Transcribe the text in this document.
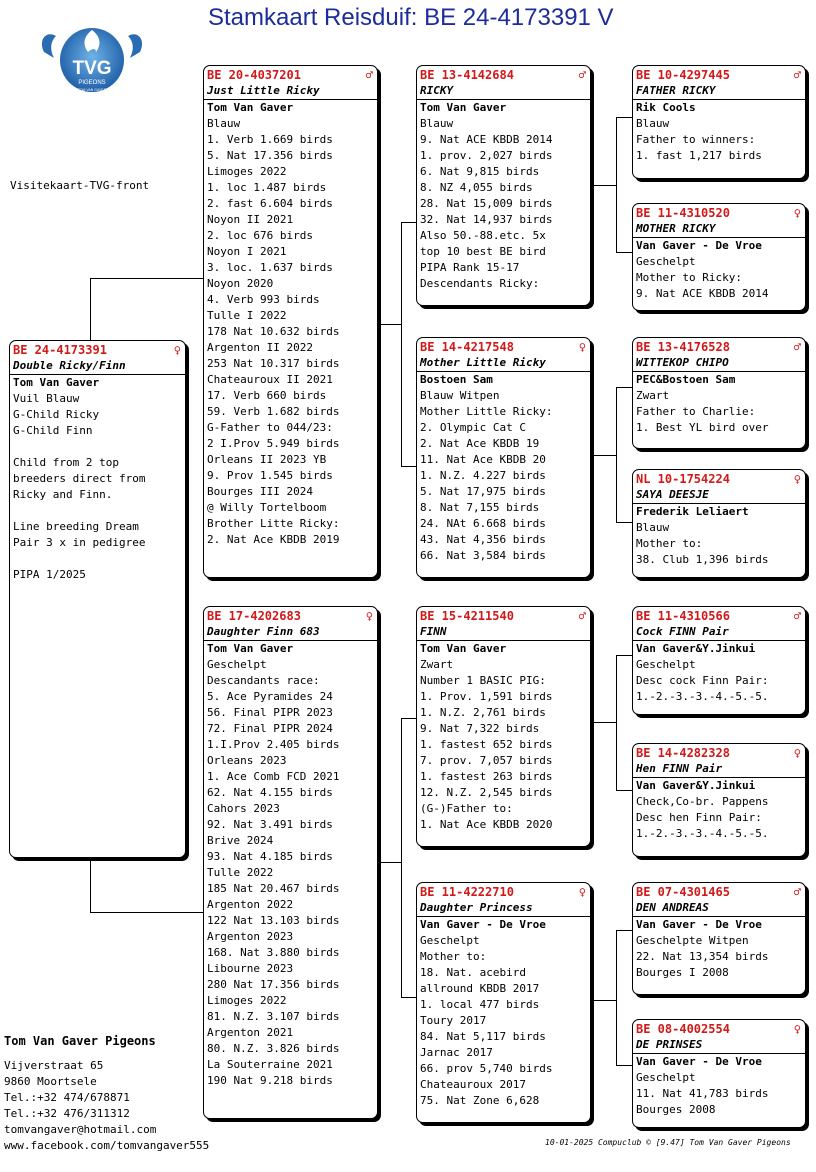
Stamkaart Reisduif: BE 24-4173391 V
TVG
PIGEONS
TOM VAN GAVER
Visitekaart-TVG-front
BE 24-4173391	♀
Double Ricky/Finn
Tom Van Gaver
Vuil Blauw
G-Child Ricky
G-Child Finn
Child from 2 top
breeders direct from
Ricky and Finn.
Line breeding Dream
Pair 3 x in pedigree
PIPA 1/2025
BE 20-4037201	♂
Just Little Ricky
Tom Van Gaver
Blauw
1. Verb 1.669 birds
5. Nat 17.356 birds
Limoges 2022
1. loc 1.487 birds
2. fast 6.604 birds
Noyon II 2021
2. loc 676 birds
Noyon I 2021
3. loc. 1.637 birds
Noyon 2020
4. Verb 993 birds
Tulle I 2022
178 Nat 10.632 birds
Argenton II 2022
253 Nat 10.317 birds
Chateauroux II 2021
17. Verb 660 birds
59. Verb 1.682 birds
G-Father to 044/23:
2 I.Prov 5.949 birds
Orleans II 2023 YB
9. Prov 1.545 birds
Bourges III 2024
@ Willy Tortelboom
Brother Litte Ricky:
2. Nat Ace KBDB 2019
BE 17-4202683	♀
Daughter Finn 683
Tom Van Gaver
Geschelpt
Descandants race:
5. Ace Pyramides 24
56. Final PIPR 2023
72. Final PIPR 2024
1.I.Prov 2.405 birds
Orleans 2023
1. Ace Comb FCD 2021
62. Nat 4.155 birds
Cahors 2023
92. Nat 3.491 birds
Brive 2024
93. Nat 4.185 birds
Tulle 2022
185 Nat 20.467 birds
Argenton 2022
122 Nat 13.103 birds
Argenton 2023
168. Nat 3.880 birds
Libourne 2023
280 Nat 17.356 birds
Limoges 2022
81. N.Z. 3.107 birds
Argenton 2021
80. N.Z. 3.826 birds
La Souterraine 2021
190 Nat 9.218 birds
BE 13-4142684	♂
RICKY
Tom Van Gaver
Blauw
9. Nat ACE KBDB 2014
1. prov. 2,027 birds
6. Nat 9,815 birds
8. NZ 4,055 birds
28. Nat 15,009 birds
32. Nat 14,937 birds
Also 50.-88.etc. 5x
top 10 best BE bird
PIPA Rank 15-17
Descendants Ricky:
BE 14-4217548	♀
Mother Little Ricky
Bostoen Sam
Blauw Witpen
Mother Little Ricky:
2. Olympic Cat C
2. Nat Ace KBDB 19
11. Nat Ace KBDB 20
1. N.Z. 4.227 birds
5. Nat 17,975 birds
8. Nat 7,155 birds
24. NAt 6.668 birds
43. Nat 4,356 birds
66. Nat 3,584 birds
BE 15-4211540	♂
FINN
Tom Van Gaver
Zwart
Number 1 BASIC PIG:
1. Prov. 1,591 birds
1. N.Z. 2,761 birds
9. Nat 7,322 birds
1. fastest 652 birds
7. prov. 7,057 birds
1. fastest 263 birds
12. N.Z. 2,545 birds
(G-)Father to:
1. Nat Ace KBDB 2020
BE 11-4222710	♀
Daughter Princess
Van Gaver - De Vroe
Geschelpt
Mother to:
18. Nat. acebird
allround KBDB 2017
1. local 477 birds
Toury 2017
84. Nat 5,117 birds
Jarnac 2017
66. prov 5,740 birds
Chateauroux 2017
75. Nat Zone 6,628
BE 10-4297445	♂
FATHER RICKY
Rik Cools
Blauw
Father to winners:
1. fast 1,217 birds
BE 11-4310520	♀
MOTHER RICKY
Van Gaver - De Vroe
Geschelpt
Mother to Ricky:
9. Nat ACE KBDB 2014
BE 13-4176528	♂
WITTEKOP CHIPO
PEC&Bostoen Sam
Zwart
Father to Charlie:
1. Best YL bird over
NL 10-1754224	♀
SAYA DEESJE
Frederik Leliaert
Blauw
Mother to:
38. Club 1,396 birds
BE 11-4310566	♂
Cock FINN Pair
Van Gaver&Y.Jinkui
Geschelpt
Desc cock Finn Pair:
1.-2.-3.-3.-4.-5.-5.
BE 14-4282328	♀
Hen FINN Pair
Van Gaver&Y.Jinkui
Check,Co-br. Pappens
Desc hen Finn Pair:
1.-2.-3.-3.-4.-5.-5.
BE 07-4301465	♂
DEN ANDREAS
Van Gaver - De Vroe
Geschelpte Witpen
22. Nat 13,354 birds
Bourges I 2008
BE 08-4002554	♀
DE PRINSES
Van Gaver - De Vroe
Geschelpt
11. Nat 41,783 birds
Bourges 2008
Tom Van Gaver Pigeons
Vijverstraat 65
9860 Moortsele
Tel.:+32 474/678871
Tel.:+32 476/311312
tomvangaver@hotmail.com
www.facebook.com/tomvangaver555	10-01-2025 Compuclub © [9.47] Tom Van Gaver Pigeons
